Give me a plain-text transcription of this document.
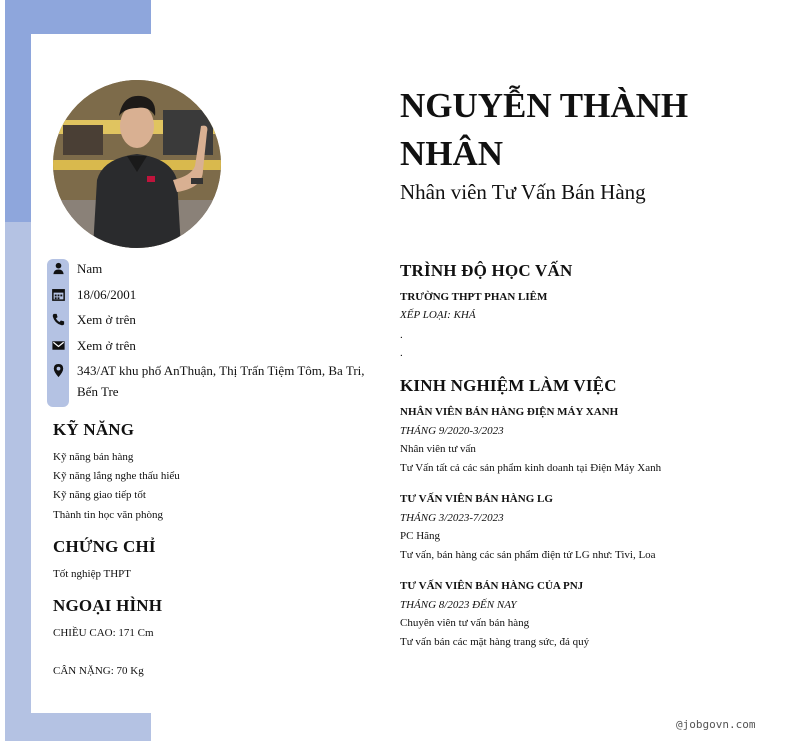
Nam
18/06/2001
Xem ở trên
Xem ở trên
343/AT khu phố AnThuận, Thị Trấn Tiệm Tôm, Ba Tri, Bến Tre
KỸ NĂNG
Kỹ năng bán hàng
Kỹ năng lắng nghe thấu hiểu
Kỹ năng giao tiếp tốt
Thành tin học văn phòng
CHỨNG CHỈ
Tốt nghiệp THPT
NGOẠI HÌNH
CHIỀU CAO: 171 Cm
CÂN NẶNG: 70 Kg
NGUYỄN THÀNH NHÂN
Nhân viên Tư Vấn Bán Hàng
TRÌNH ĐỘ HỌC VẤN
TRƯỜNG THPT PHAN LIÊM
XẾP LOẠI: KHÁ
.
.
KINH NGHIỆM LÀM VIỆC
NHÂN VIÊN BÁN HÀNG ĐIỆN MÁY XANH
THÁNG 9/2020-3/2023
Nhân viên tư vấn
Tư Vấn tất cả các sản phẩm kinh doanh tại Điện Máy Xanh
TƯ VẤN VIÊN BÁN HÀNG LG
THÁNG 3/2023-7/2023
PC Hãng
Tư vấn, bán hàng các sản phẩm điện tử LG như: Tivi, Loa
TƯ VẤN VIÊN BÁN HÀNG CỦA PNJ
THÁNG 8/2023 ĐẾN NAY
Chuyên viên tư vấn bán hàng
Tư vấn bán các mặt hàng trang sức, đá quý
@jobgovn.com
